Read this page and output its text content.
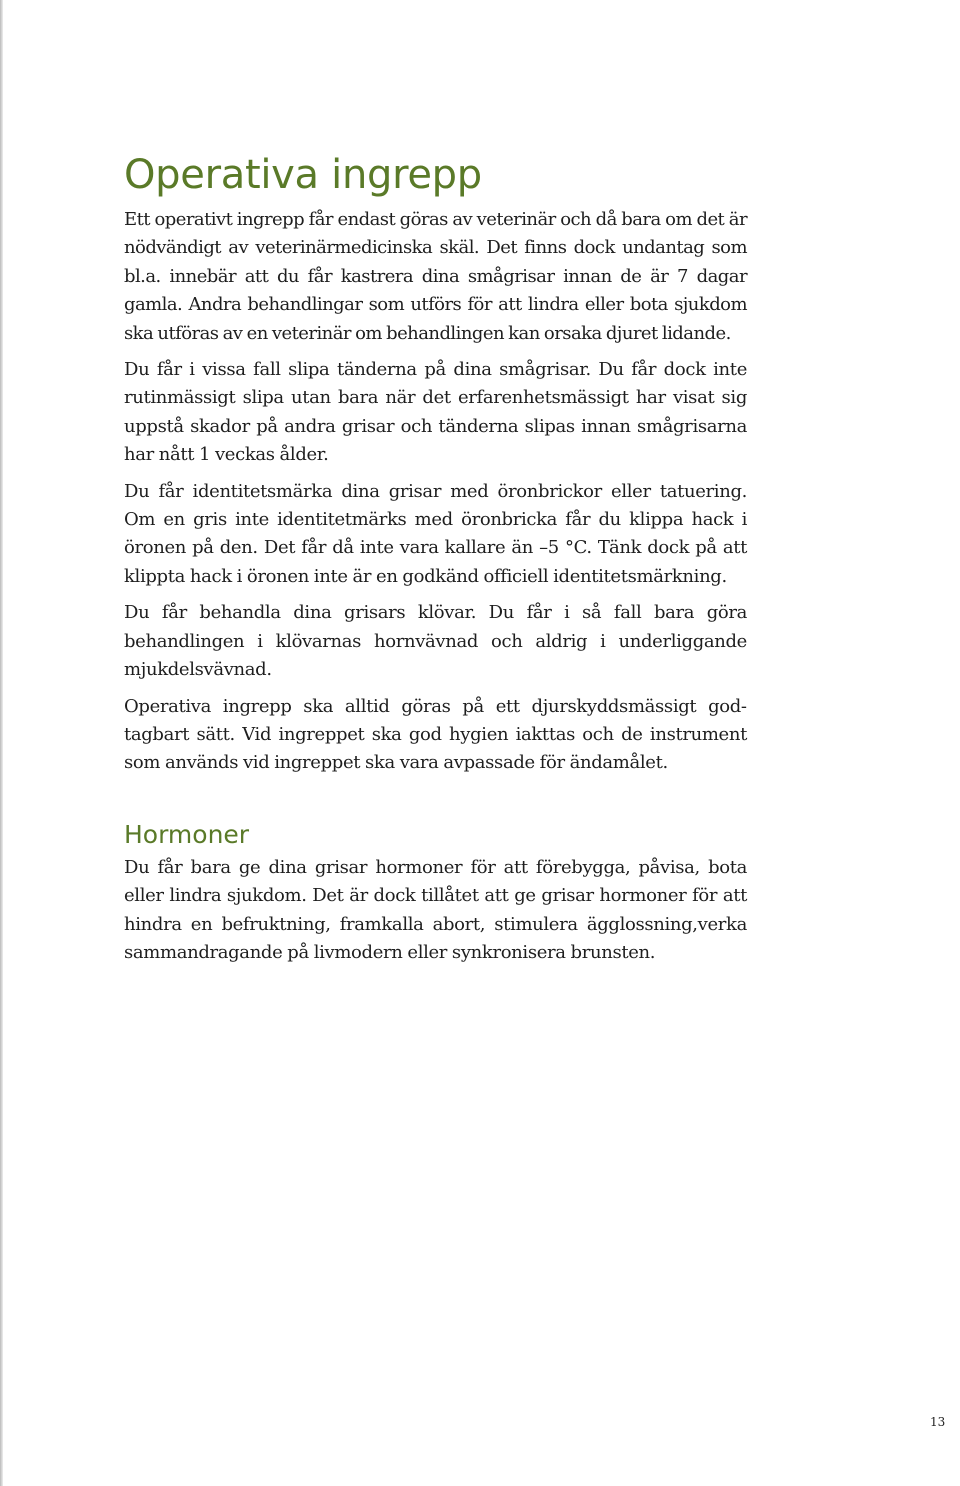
Operativa ingrepp

Ett operativt ingrepp får endast göras av veterinär och då bara om det är nödvändigt av veterinärmedicinska skäl. Det finns dock undantag som bl.a. innebär att du får kastrera dina smågrisar innan de är 7 dagar gamla. Andra behandlingar som utförs för att lindra eller bota sjukdom ska utföras av en veterinär om behandlingen kan orsaka djuret lidande.

Du får i vissa fall slipa tänderna på dina smågrisar. Du får dock inte rutinmässigt slipa utan bara när det erfarenhetsmässigt har visat sig uppstå skador på andra grisar och tänderna slipas innan smågrisarna har nått 1 veckas ålder.

Du får identitetsmärka dina grisar med öronbrickor eller tatuering. Om en gris inte identitetmärks med öronbricka får du klippa hack i öronen på den. Det får då inte vara kallare än –5 °C. Tänk dock på att klippta hack i öronen inte är en godkänd officiell identitetsmärkning.

Du får behandla dina grisars klövar. Du får i så fall bara göra behandlingen i klövarnas hornvävnad och aldrig i underliggande mjukdelsvävnad.

Operativa ingrepp ska alltid göras på ett djurskyddsmässigt godtagbart sätt. Vid ingreppet ska god hygien iakttas och de instrument som används vid ingreppet ska vara avpassade för ändamålet.

Hormoner

Du får bara ge dina grisar hormoner för att förebygga, påvisa, bota eller lindra sjukdom. Det är dock tillåtet att ge grisar hormoner för att hindra en befruktning, framkalla abort, stimulera ägglossning,verka sammandragande på livmodern eller synkronisera brunsten.

13
